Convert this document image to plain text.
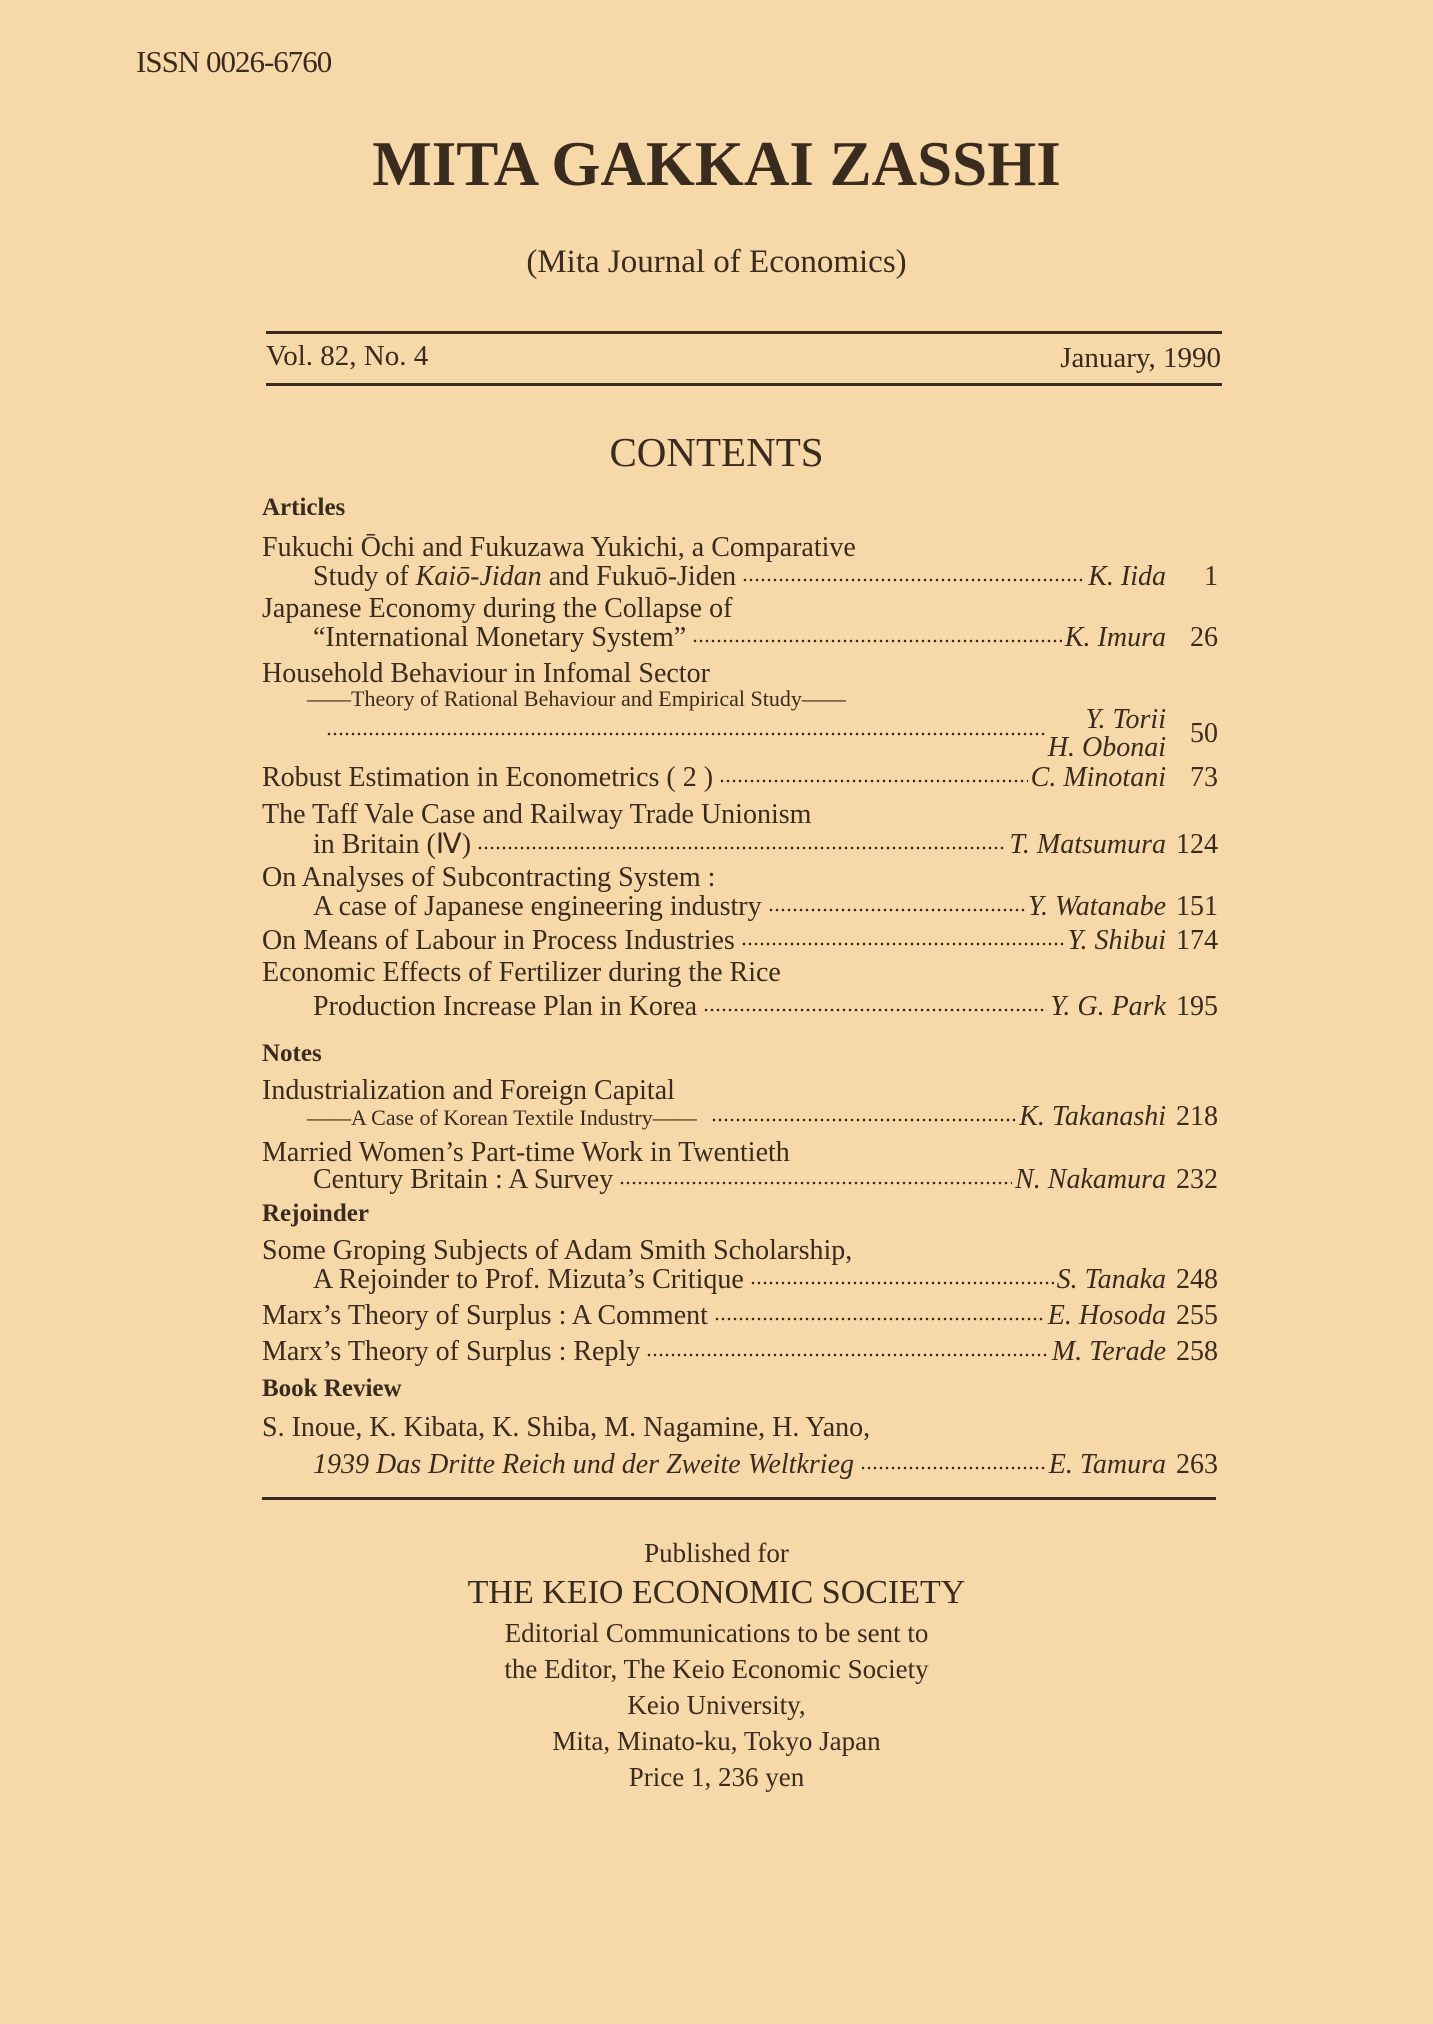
ISSN 0026-6760
MITA GAKKAI ZASSHI
(Mita Journal of Economics)
Vol. 82, No. 4	January, 1990
CONTENTS
Articles
Fukuchi Ōchi and Fukuzawa Yukichi, a Comparative
Study of Kaiō-Jidan and Fukuō-Jiden	K. Iida	1
Japanese Economy during the Collapse of
“International Monetary System”	K. Imura 26
Household Behaviour in Infomal Sector
——Theory of Rational Behaviour and Empirical Study——
Y. Torii
H. Obonai 50
Robust Estimation in Econometrics ( 2 )	C. Minotani 73
The Taff Vale Case and Railway Trade Unionism
in Britain (Ⅳ)	T. Matsumura 124
On Analyses of Subcontracting System :
A case of Japanese engineering industry	Y. Watanabe 151
On Means of Labour in Process Industries	Y. Shibui 174
Economic Effects of Fertilizer during the Rice
Production Increase Plan in Korea	Y. G. Park 195
Notes
Industrialization and Foreign Capital
——A Case of Korean Textile Industry——	K. Takanashi 218
Married Women’s Part-time Work in Twentieth
Century Britain : A Survey	N. Nakamura 232
Rejoinder
Some Groping Subjects of Adam Smith Scholarship,
A Rejoinder to Prof. Mizuta’s Critique	S. Tanaka 248
Marx’s Theory of Surplus : A Comment	E. Hosoda 255
Marx’s Theory of Surplus : Reply	M. Terade 258
Book Review
S. Inoue, K. Kibata, K. Shiba, M. Nagamine, H. Yano,
1939 Das Dritte Reich und der Zweite Weltkrieg	E. Tamura 263
Published for
THE KEIO ECONOMIC SOCIETY
Editorial Communications to be sent to
the Editor, The Keio Economic Society
Keio University,
Mita, Minato-ku, Tokyo Japan
Price 1, 236 yen
